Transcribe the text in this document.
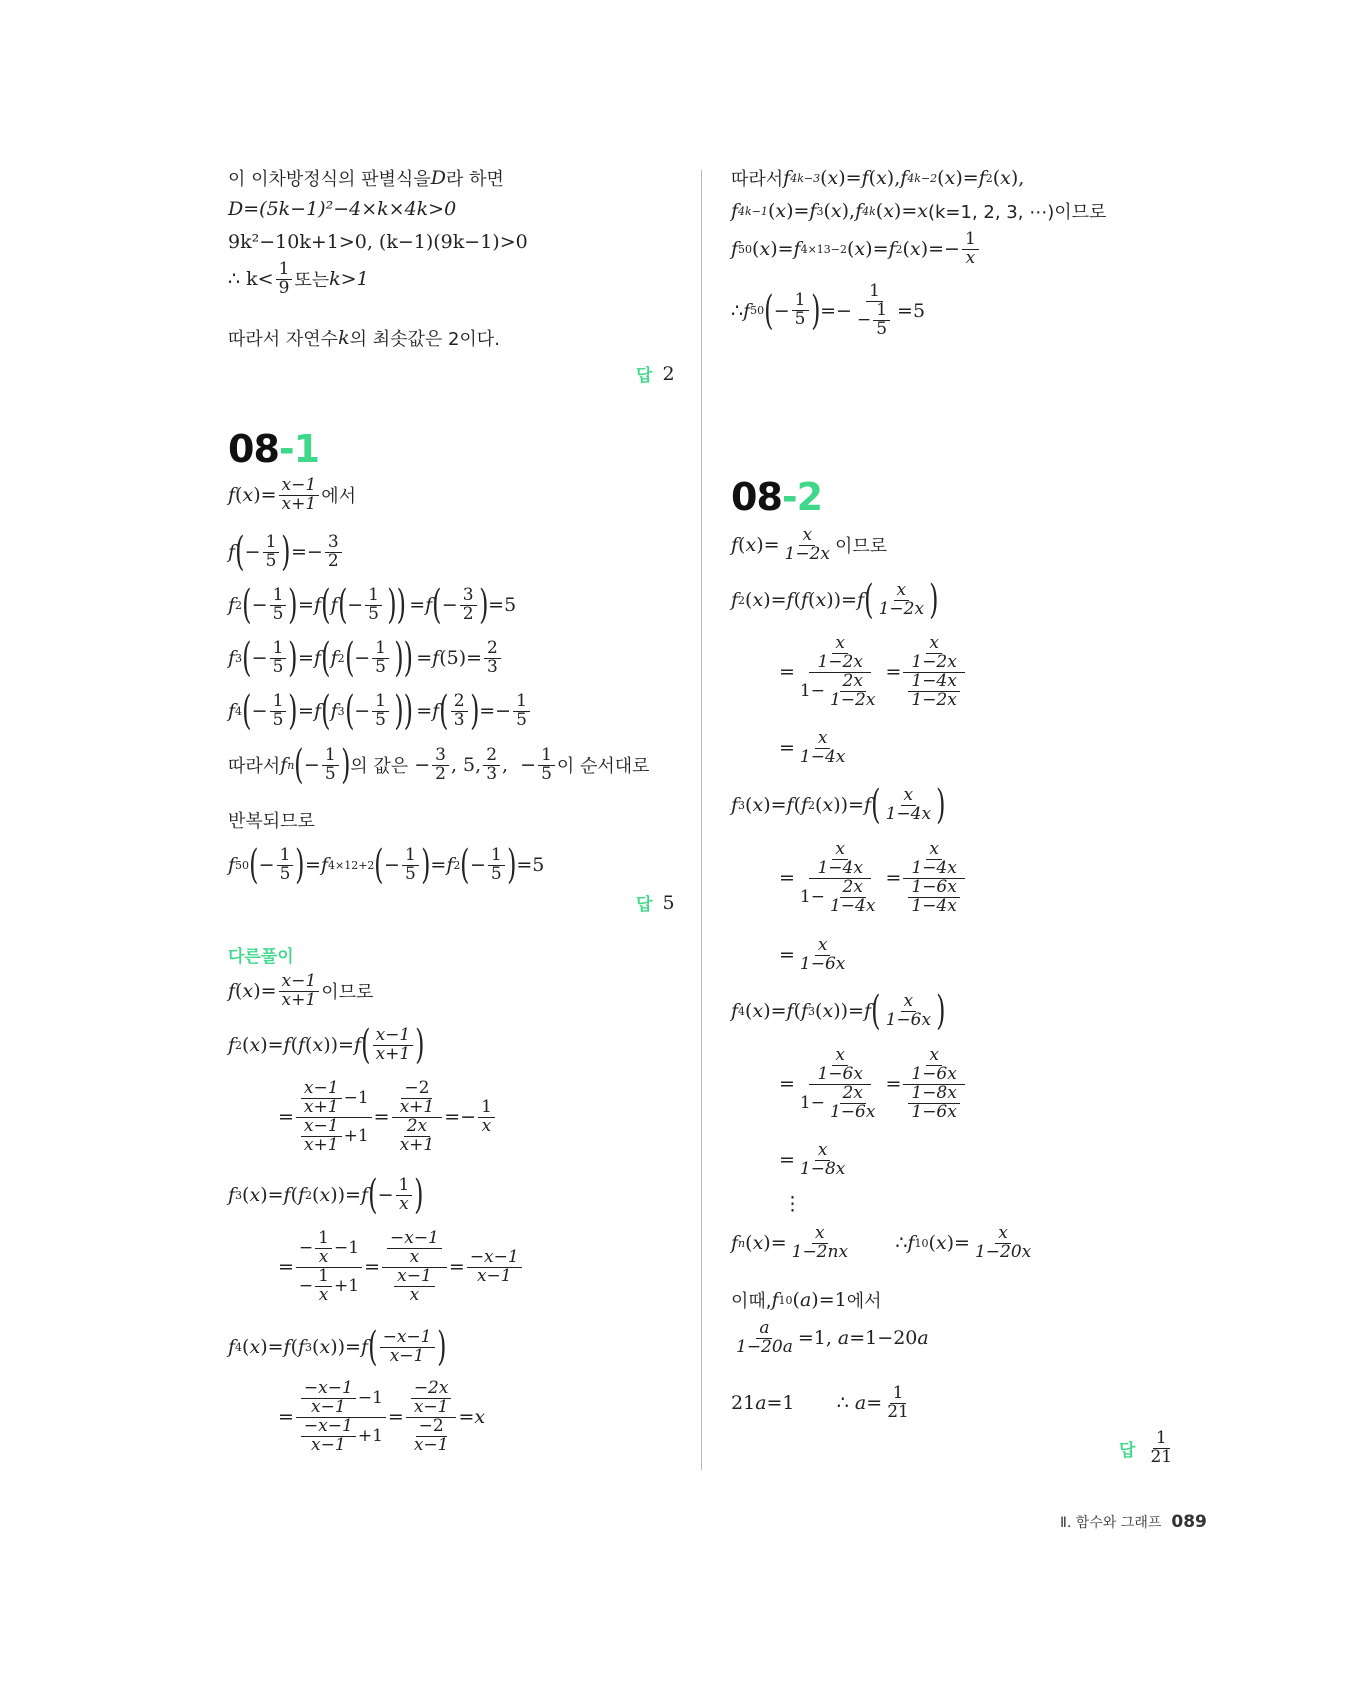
이 이차방정식의 판별식을 D 라 하면
D=(5k−1)²−4×k×4k>0
9k²−10k+1>0, (k−1)(9k−1)>0
∴ $k< \frac{1}{9}$ 또는 k>1
따라서 자연수 k 의 최솟값은 2이다.
답 2
08 - 1
f ( x )= $\frac{x-1}{x+1}$ 에서
f ( − $\frac{1}{5}$ ) =− $\frac{3}{2}$
f 2 ( − $\frac{1}{5}$ ) = f ( f ( − $\frac{1}{5}$ )) = f ( − $\frac{3}{2}$ ) =5
f 3 ( − $\frac{1}{5}$ ) = f ( f 2 ( − $\frac{1}{5}$ )) = f $(5)= \frac{2}{3}$
f 4 ( − $\frac{1}{5}$ ) = f ( f 3 ( − $\frac{1}{5}$ )) = f ( $\frac{2}{3}$ ) =− $\frac{1}{5}$
따라서 f n ( − $\frac{1}{5}$ ) 의 값은 − $\frac{3}{2}$ , 5, $\frac{2}{3}$ ,  − $\frac{1}{5}$ 이 순서대로
반복되므로
f 50 ( − $\frac{1}{5}$ ) = f 4×12+2 ( − $\frac{1}{5}$ ) = f 2 ( − $\frac{1}{5}$ ) =5
답 5
다른풀이
f ( x )= $\frac{x-1}{x+1}$ 이므로
f 2 ( x )= f ( f ( x ))= f ( $\frac{x-1}{x+1}$ )
= $\frac{\frac{x-1}{x+1} -1}{\frac{x-1}{x+1} +1} = \frac{\frac{-2}{x+1}}{\frac{2x}{x+1}} =- \frac{1}{x}$
f 3 ( x )= f ( f 2 ( x ))= f ( − $\frac{1}{x}$ )
= $\frac{- \frac{1}{x} -1}{- \frac{1}{x} +1} = \frac{\frac{-x-1}{x}}{\frac{x-1}{x}} = \frac{-x-1}{x-1}$
f 4 ( x )= f ( f 3 ( x ))= f ( $\frac{-x-1}{x-1}$ )
= $\frac{\frac{-x-1}{x-1} -1}{\frac{-x-1}{x-1} +1} = \frac{\frac{-2x}{x-1}}{\frac{-2}{x-1}} = x$
따라서 f 4k−3 ( x )= f ( x ), f 4k−2 ( x )= f 2 ( x ),
f 4k−1 ( x )= f 3 ( x ), f 4k ( x )= x (k=1, 2, 3, ⋯)이므로
f 50 ( x )= f 4×13−2 ( x )= f 2 ( x )=− $\frac{1}{x}$
∴ f 50 ( − $\frac{1}{5}$ ) =− $\frac{1}{- \frac{1}{5}} =5$
08 - 2
f ( x )= $\frac{x}{1-2x}$ 이므로
f 2 ( x )= f ( f ( x ))= f ( $\frac{x}{1-2x}$ )
= $\frac{\frac{x}{1-2x}}{1- \frac{2x}{1-2x}} = \frac{\frac{x}{1-2x}}{\frac{1-4x}{1-2x}}$
= $\frac{x}{1-4x}$
f 3 ( x )= f ( f 2 ( x ))= f ( $\frac{x}{1-4x}$ )
= $\frac{\frac{x}{1-4x}}{1- \frac{2x}{1-4x}} = \frac{\frac{x}{1-4x}}{\frac{1-6x}{1-4x}}$
= $\frac{x}{1-6x}$
f 4 ( x )= f ( f 3 ( x ))= f ( $\frac{x}{1-6x}$ )
= $\frac{\frac{x}{1-6x}}{1- \frac{2x}{1-6x}} = \frac{\frac{x}{1-6x}}{\frac{1-8x}{1-6x}}$
= $\frac{x}{1-8x}$
⋮
f n ( x )= $\frac{x}{1-2nx}$ ∴ f 10 ( x )= $\frac{x}{1-20x}$
이때, f 10 ( a )=1 에서
$\frac{a}{1-20a} =1$, a =1−20 a
21 a =1       ∴ $a = \frac{1}{21}$
답 $\frac{1}{21}$
Ⅱ. 함수와 그래프 089
